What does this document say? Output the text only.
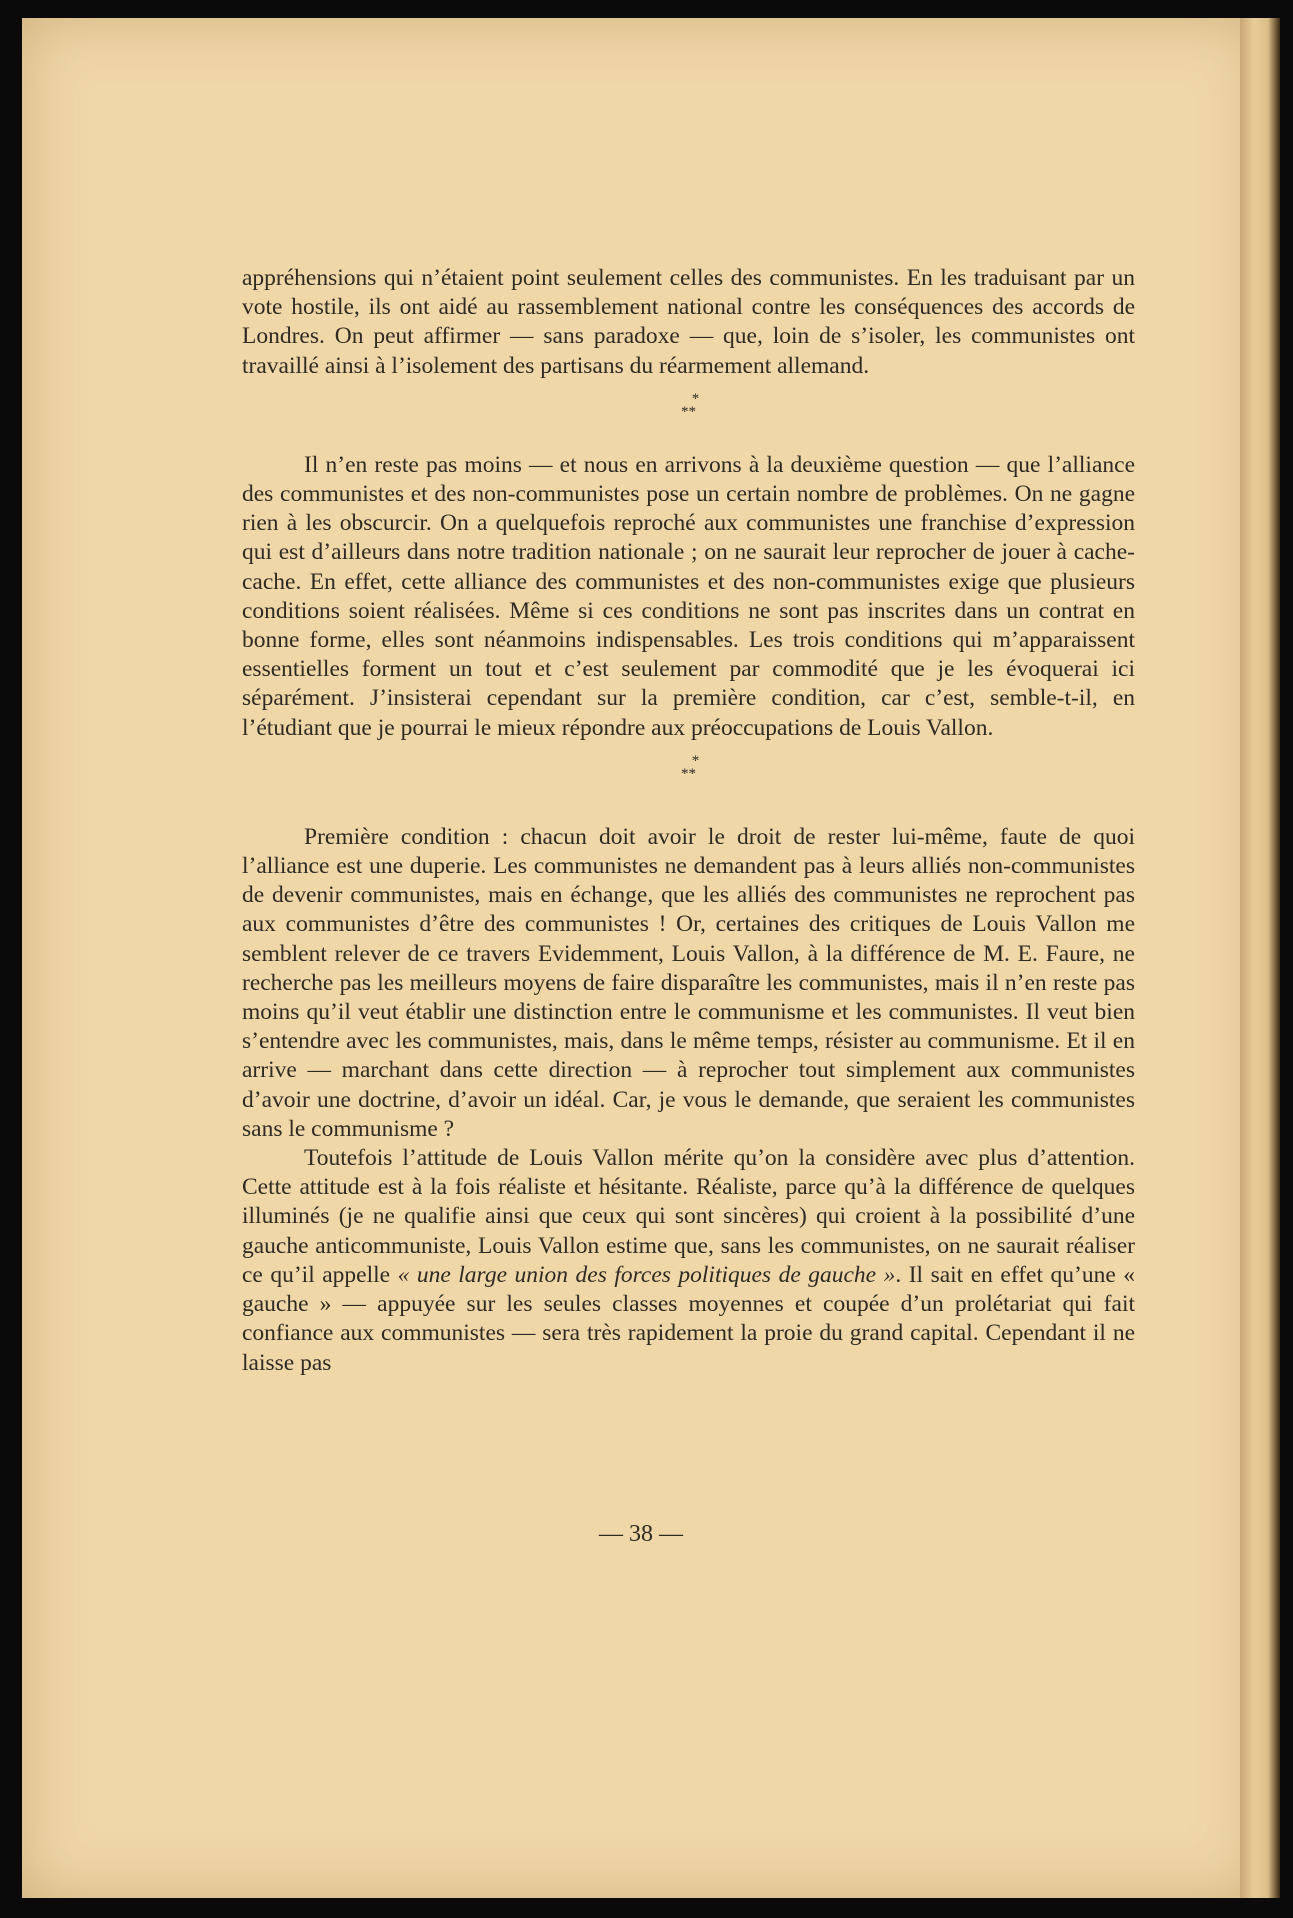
appréhensions qui n’étaient point seulement celles des communistes. En les traduisant par un vote hostile, ils ont aidé au rassemblement national contre les conséquences des accords de Londres. On peut affirmer — sans paradoxe — que, loin de s’isoler, les communistes ont travaillé ainsi à l’isolement des partisans du réarmement allemand.

*
**

Il n’en reste pas moins — et nous en arrivons à la deuxième question — que l’alliance des communistes et des non-communistes pose un certain nombre de problèmes. On ne gagne rien à les obscurcir. On a quelquefois reproché aux communistes une franchise d’expression qui est d’ailleurs dans notre tradition nationale ; on ne saurait leur reprocher de jouer à cache-cache. En effet, cette alliance des communistes et des non-communistes exige que plusieurs conditions soient réalisées. Même si ces conditions ne sont pas inscrites dans un contrat en bonne forme, elles sont néanmoins indispensables. Les trois conditions qui m’apparaissent essentielles forment un tout et c’est seulement par commodité que je les évoquerai ici séparément. J’insisterai cependant sur la première condition, car c’est, semble-t-il, en l’étudiant que je pourrai le mieux répondre aux préoccupations de Louis Vallon.

*
**

Première condition : chacun doit avoir le droit de rester lui-même, faute de quoi l’alliance est une duperie. Les communistes ne demandent pas à leurs alliés non-communistes de devenir communistes, mais en échange, que les alliés des communistes ne reprochent pas aux communistes d’être des communistes ! Or, certaines des critiques de Louis Vallon me semblent relever de ce travers Evidemment, Louis Vallon, à la différence de M. E. Faure, ne recherche pas les meilleurs moyens de faire disparaître les communistes, mais il n’en reste pas moins qu’il veut établir une distinction entre le communisme et les communistes. Il veut bien s’entendre avec les communistes, mais, dans le même temps, résister au communisme. Et il en arrive — marchant dans cette direction — à reprocher tout simplement aux communistes d’avoir une doctrine, d’avoir un idéal. Car, je vous le demande, que seraient les communistes sans le communisme ?

Toutefois l’attitude de Louis Vallon mérite qu’on la considère avec plus d’attention. Cette attitude est à la fois réaliste et hésitante. Réaliste, parce qu’à la différence de quelques illuminés (je ne qualifie ainsi que ceux qui sont sincères) qui croient à la possibilité d’une gauche anticommuniste, Louis Vallon estime que, sans les communistes, on ne saurait réaliser ce qu’il appelle « une large union des forces politiques de gauche ». Il sait en effet qu’une « gauche » — appuyée sur les seules classes moyennes et coupée d’un prolétariat qui fait confiance aux communistes — sera très rapidement la proie du grand capital. Cependant il ne laisse pas

— 38 —
